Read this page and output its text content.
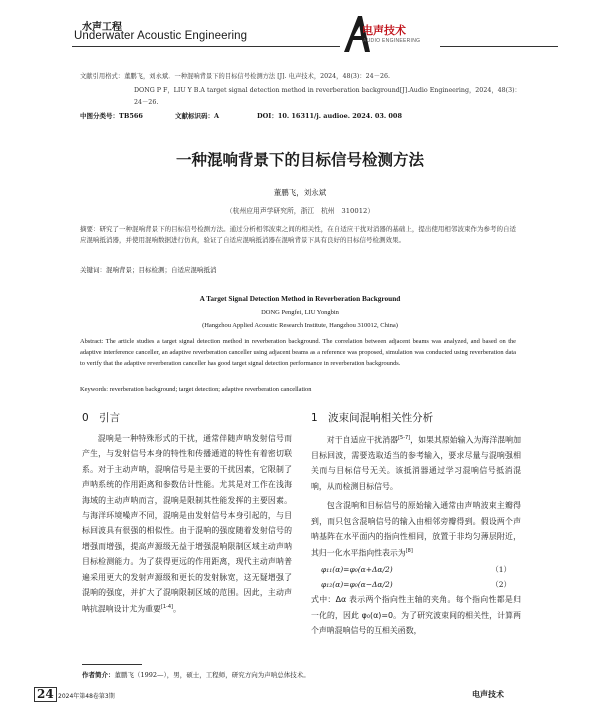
水声工程
Underwater Acoustic Engineering	电声技术
AUDIO ENGINEERING
文献引用格式：董鹏飞，刘永斌．一种混响背景下的目标信号检测方法 [J]. 电声技术，2024，48(3)：24－26.
DONG P F，LIU Y B.A target signal detection method in reverberation background[J].Audio Engineering，2024，48(3)：
24－26.
中图分类号：TB566	文献标识码：A	DOI：10. 16311/j. audioe. 2024. 03. 008
一种混响背景下的目标信号检测方法
董鹏飞，刘永斌
（杭州应用声学研究所，浙江　杭州　310012）
摘要：研究了一种混响背景下的目标信号检测方法。通过分析相邻波束之间的相关性，在自适应干扰对消器的基础上，提出使用相邻波束作为参考的自适应混响抵消器，并使用混响数据进行仿真，验证了自适应混响抵消器在混响背景下具有良好的目标信号检测效果。
关键词：混响背景；目标检测；自适应混响抵消
A Target Signal Detection Method in Reverberation Background
DONG Pengfei, LIU Yongbin
(Hangzhou Applied Acoustic Research Institute, Hangzhou 310012, China)
Abstract: The article studies a target signal detection method in reverberation background. The correlation between adjacent beams was analyzed, and based on the adaptive interference canceller, an adaptive reverberation canceller using adjacent beams as a reference was proposed, simulation was conducted using reverberation data to verify that the adaptive reverberation canceller has good target signal detection performance in reverberation backgrounds.
Keywords: reverberation background; target detection; adaptive reverberation cancellation
0　引言	1　波束间混响相关性分析

混响是一种特殊形式的干扰，通常伴随声呐发射信号而产生，与发射信号本身的特性和传播通道的特性有着密切联系。对于主动声呐，混响信号是主要的干扰因素，它限制了声呐系统的作用距离和参数估计性能。尤其是对工作在浅海海域的主动声呐而言，混响是限制其性能发挥的主要因素。与海洋环境噪声不同，混响是由发射信号本身引起的，与目标回波具有很强的相似性。由于混响的强度随着发射信号的增强而增强，提高声源级无益于增强混响限制区域主动声呐目标检测能力。为了获得更远的作用距离，现代主动声呐普遍采用更大的发射声源级和更长的发射脉宽，这无疑增强了混响的强度，并扩大了混响限制区域的范围。因此，主动声呐抗混响设计尤为重要[1-4]。

对于自适应干扰消器[5-7]，如果其原始输入为海洋混响加目标回波，需要选取适当的参考输入，要求尽量与混响强相关而与目标信号无关。该抵消器通过学习混响信号抵消混响，从而检测目标信号。

包含混响和目标信号的原始输入通常由声呐波束主瓣得到，而只包含混响信号的输入由相邻旁瓣得到。假设两个声呐基阵在水平面内的指向性相同，放置于非均匀薄层附近，其归一化水平指向性表示为[8]

φ₁₁(α)=φ₀(α+Δα/2)	（1）
φ₁₂(α)=φ₀(α−Δα/2)	（2）

式中：Δα 表示两个指向性主轴的夹角。每个指向性都是归一化的，因此 φ₀(α)=0。为了研究波束间的相关性，计算两个声呐混响信号的互相关函数，

作者简介：董鹏飞（1992—），男，硕士，工程师，研究方向为声呐总体技术。
24 2024年第48卷第3期	电声技术
